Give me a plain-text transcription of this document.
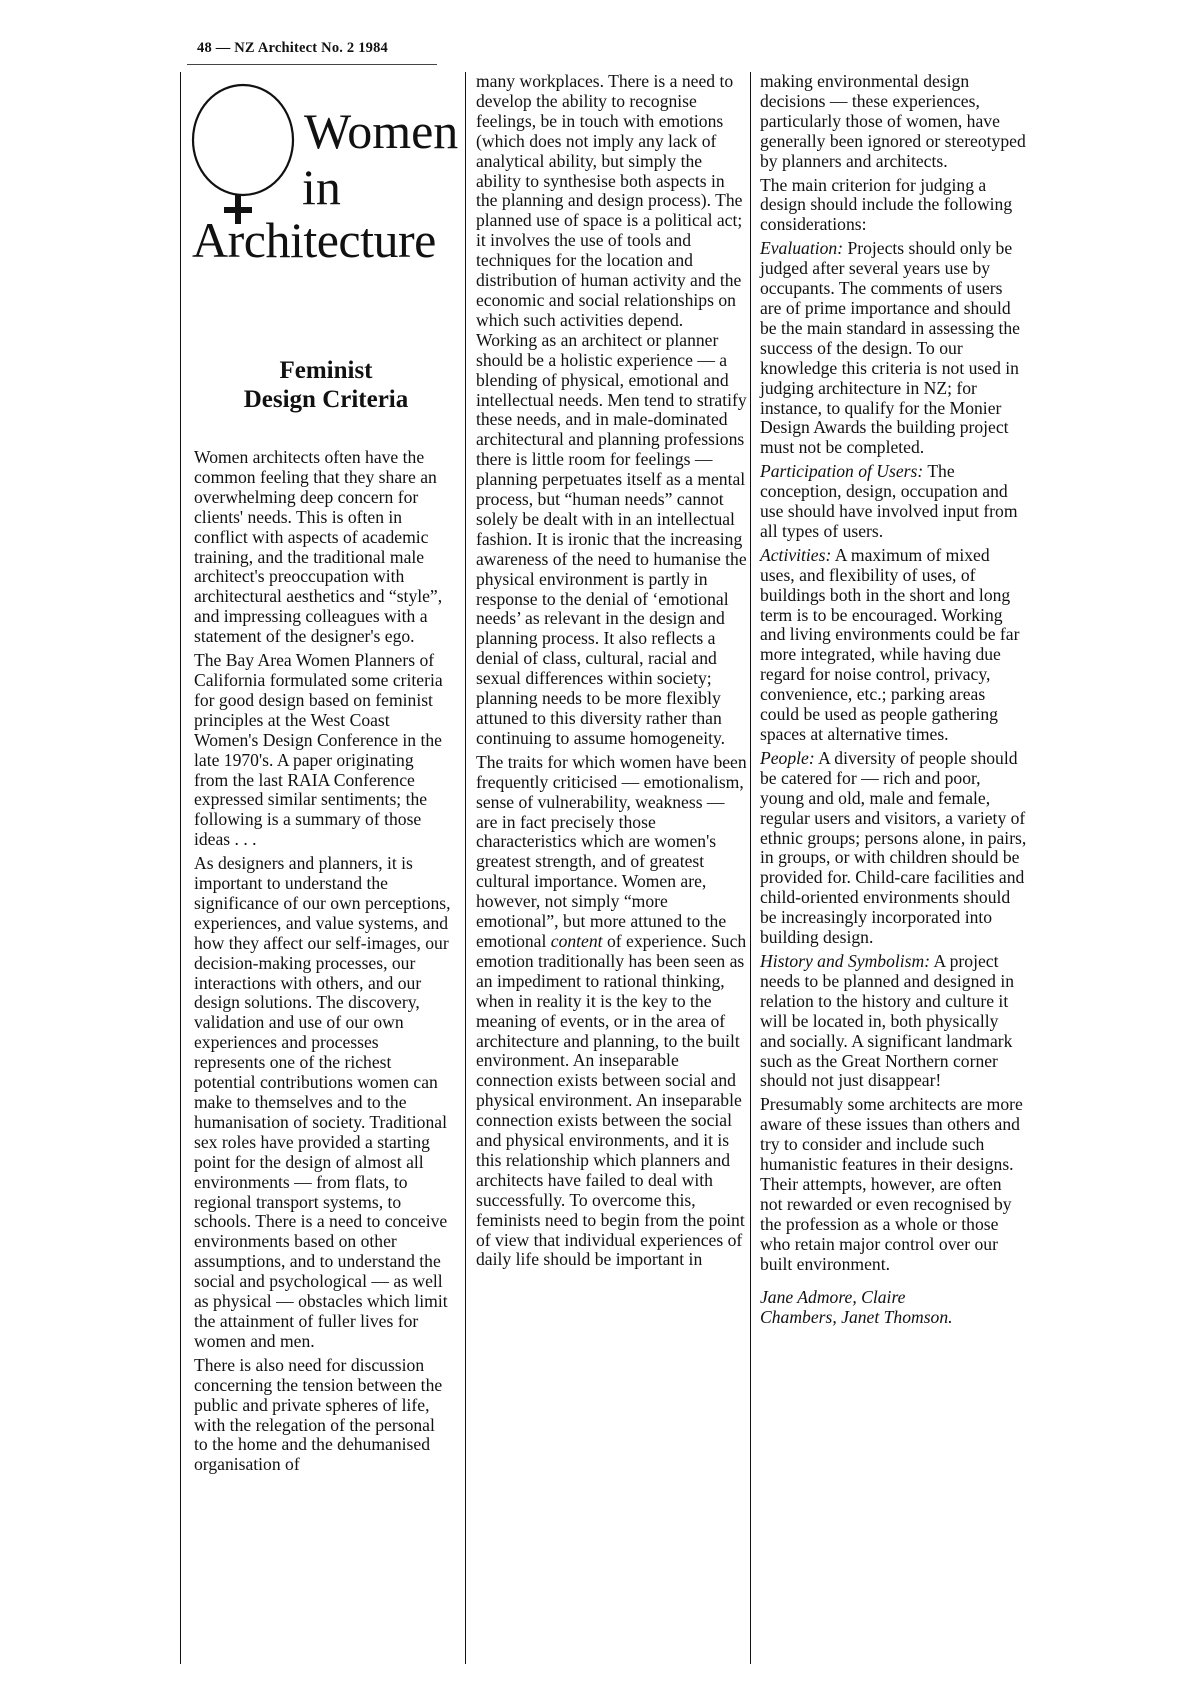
48 — NZ Architect No. 2 1984
Women
in
Architecture
Feminist
Design Criteria

Women architects often have the common feeling that they share an overwhelming deep concern for clients' needs. This is often in conflict with aspects of academic training, and the traditional male architect's preoccupation with architectural aesthetics and “style”, and impressing colleagues with a statement of the designer's ego.

The Bay Area Women Planners of California formulated some criteria for good design based on feminist principles at the West Coast Women's Design Conference in the late 1970's. A paper originating from the last RAIA Conference expressed similar sentiments; the following is a summary of those ideas . . .

As designers and planners, it is important to understand the significance of our own perceptions, experiences, and value systems, and how they affect our self-images, our decision-making processes, our interactions with others, and our design solutions. The discovery, validation and use of our own experiences and processes represents one of the richest potential contributions women can make to themselves and to the humanisation of society. Traditional sex roles have provided a starting point for the design of almost all environments — from flats, to regional transport systems, to schools. There is a need to conceive environments based on other assumptions, and to understand the social and psychological — as well as physical — obstacles which limit the attainment of fuller lives for women and men.

There is also need for discussion concerning the tension between the public and private spheres of life, with the relegation of the personal to the home and the dehumanised organisation of

many workplaces. There is a need to develop the ability to recognise feelings, be in touch with emotions (which does not imply any lack of analytical ability, but simply the ability to synthesise both aspects in the planning and design process). The planned use of space is a political act; it involves the use of tools and techniques for the location and distribution of human activity and the economic and social relationships on which such activities depend. Working as an architect or planner should be a holistic experience — a blending of physical, emotional and intellectual needs. Men tend to stratify these needs, and in male-dominated architectural and planning professions there is little room for feelings — planning perpetuates itself as a mental process, but “human needs” cannot solely be dealt with in an intellectual fashion. It is ironic that the increasing awareness of the need to humanise the physical environment is partly in response to the denial of ‘emotional needs’ as relevant in the design and planning process. It also reflects a denial of class, cultural, racial and sexual differences within society; planning needs to be more flexibly attuned to this diversity rather than continuing to assume homogeneity.

The traits for which women have been frequently criticised — emotionalism, sense of vulnerability, weakness — are in fact precisely those characteristics which are women's greatest strength, and of greatest cultural importance. Women are, however, not simply “more emotional”, but more attuned to the emotional content of experience. Such emotion traditionally has been seen as an impediment to rational thinking, when in reality it is the key to the meaning of events, or in the area of architecture and planning, to the built environment. An inseparable connection exists between social and physical environment. An inseparable connection exists between the social and physical environments, and it is this relationship which planners and architects have failed to deal with successfully. To overcome this, feminists need to begin from the point of view that individual experiences of daily life should be important in

making environmental design decisions — these experiences, particularly those of women, have generally been ignored or stereotyped by planners and architects.

The main criterion for judging a design should include the following considerations:

Evaluation: Projects should only be judged after several years use by occupants. The comments of users are of prime importance and should be the main standard in assessing the success of the design. To our knowledge this criteria is not used in judging architecture in NZ; for instance, to qualify for the Monier Design Awards the building project must not be completed.

Participation of Users: The conception, design, occupation and use should have involved input from all types of users.

Activities: A maximum of mixed uses, and flexibility of uses, of buildings both in the short and long term is to be encouraged. Working and living environments could be far more integrated, while having due regard for noise control, privacy, convenience, etc.; parking areas could be used as people gathering spaces at alternative times.

People: A diversity of people should be catered for — rich and poor, young and old, male and female, regular users and visitors, a variety of ethnic groups; persons alone, in pairs, in groups, or with children should be provided for. Child-care facilities and child-oriented environments should be increasingly incorporated into building design.

History and Symbolism: A project needs to be planned and designed in relation to the history and culture it will be located in, both physically and socially. A significant landmark such as the Great Northern corner should not just disappear!

Presumably some architects are more aware of these issues than others and try to consider and include such humanistic features in their designs. Their attempts, however, are often not rewarded or even recognised by the profession as a whole or those who retain major control over our built environment.

Jane Admore, Claire
Chambers, Janet Thomson.
